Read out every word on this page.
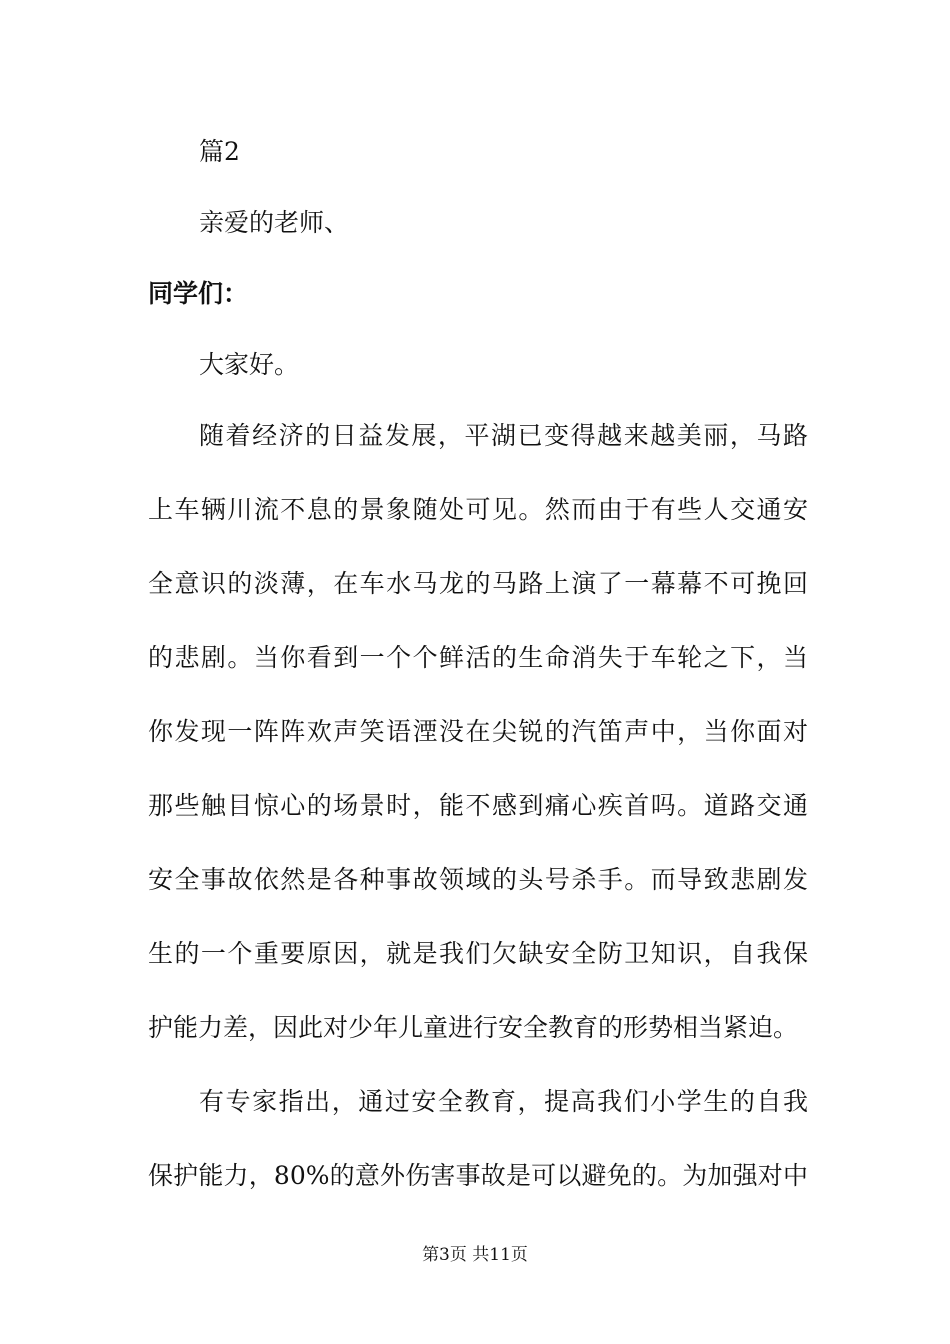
篇2
亲爱的老师、
同学们：
大家好。
随着经济的日益发展，平湖已变得越来越美丽，马路
上车辆川流不息的景象随处可见。然而由于有些人交通安
全意识的淡薄，在车水马龙的马路上演了一幕幕不可挽回
的悲剧。当你看到一个个鲜活的生命消失于车轮之下，当
你发现一阵阵欢声笑语湮没在尖锐的汽笛声中，当你面对
那些触目惊心的场景时，能不感到痛心疾首吗。道路交通
安全事故依然是各种事故领域的头号杀手。而导致悲剧发
生的一个重要原因，就是我们欠缺安全防卫知识，自我保
护能力差，因此对少年儿童进行安全教育的形势相当紧迫。
有专家指出，通过安全教育，提高我们小学生的自我
保护能力，80%的意外伤害事故是可以避免的。为加强对中
第3页 共11页
